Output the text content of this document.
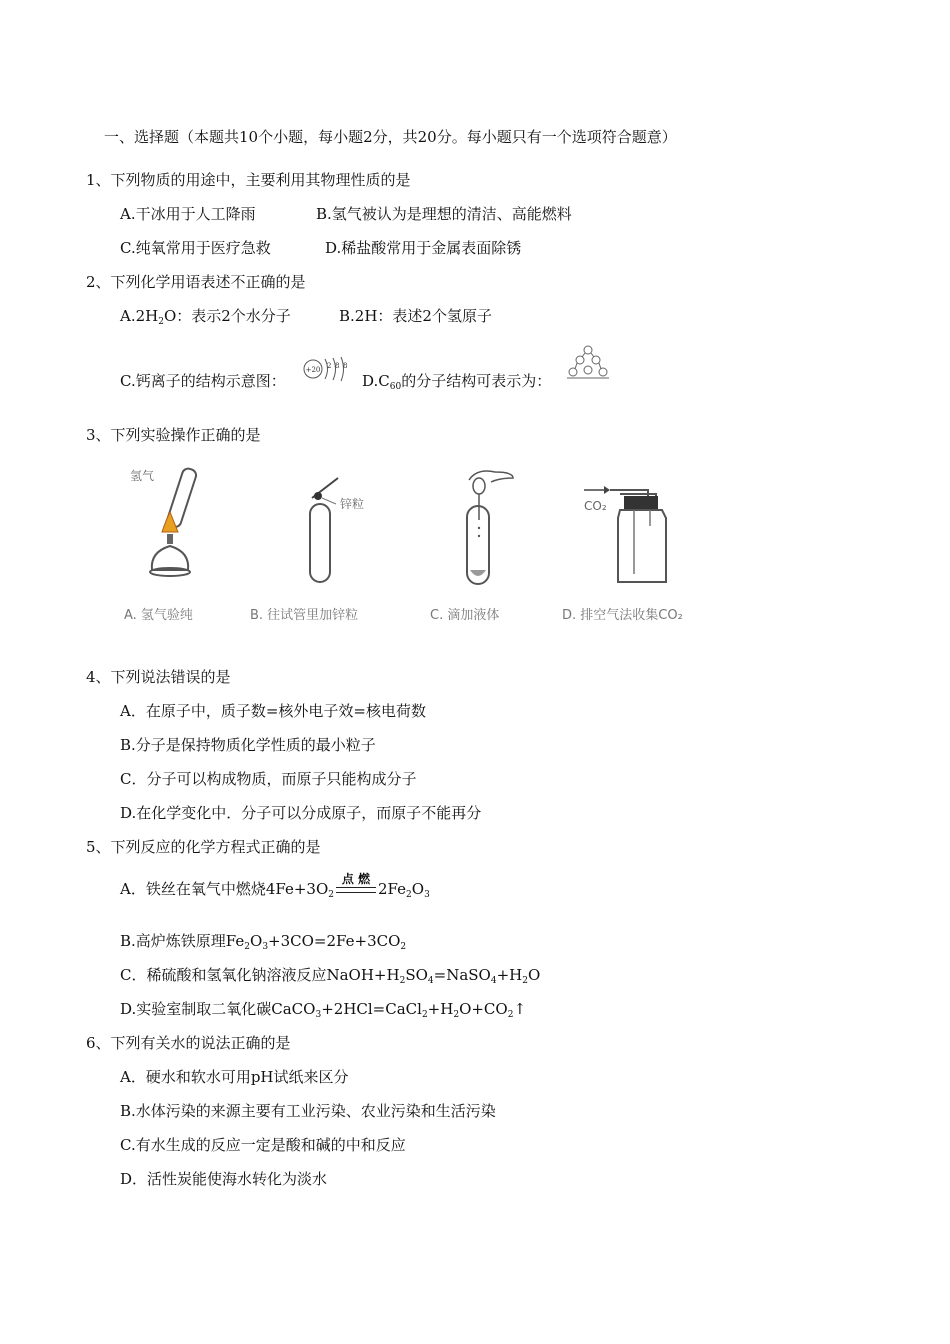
一、选择题（本题共10个小题，每小题2分，共20分。每小题只有一个选项符合题意）
1、下列物质的用途中，主要利用其物理性质的是
A.干冰用于人工降雨	B.氢气被认为是理想的清洁、高能燃料
C.纯氧常用于医疗急救	D.稀盐酸常用于金属表面除锈
2、下列化学用语表述不正确的是
$A.2H_2O$：表示2个水分子	B.2H：表述2个氢原子
C.钙离子的结构示意图：
+20 2 8 8
$D.C_{60}$的分子结构可表示为：
3、下列实验操作正确的是
氢气
A. 氢气验纯
锌粒
B. 往试管里加锌粒	C. 滴加液体
CO₂
D. 排空气法收集CO₂
4、下列说法错误的是
A．在原子中，质子数=核外电子效=核电荷数
B.分子是保持物质化学性质的最小粒子
C．分子可以构成物质，而原子只能构成分子
D.在化学变化中．分子可以分成原子，而原子不能再分
5、下列反应的化学方程式正确的是
A．铁丝在氧气中燃烧$4Fe+3O_2$
点 燃
$2Fe_2O_3$
B.高炉炼铁原理$Fe_2O_3+3CO=2Fe+3CO_2$
C．稀硫酸和氢氧化钠溶液反应$NaOH+H_2SO_4=NaSO_4+H_2O$
D.实验室制取二氧化碳$CaCO_3+2HCl=CaCl_2+H_2O+CO_2↑$
6、下列有关水的说法正确的是
A．硬水和软水可用pH试纸来区分
B.水体污染的来源主要有工业污染、农业污染和生活污染
C.有水生成的反应一定是酸和碱的中和反应
D．活性炭能使海水转化为淡水
